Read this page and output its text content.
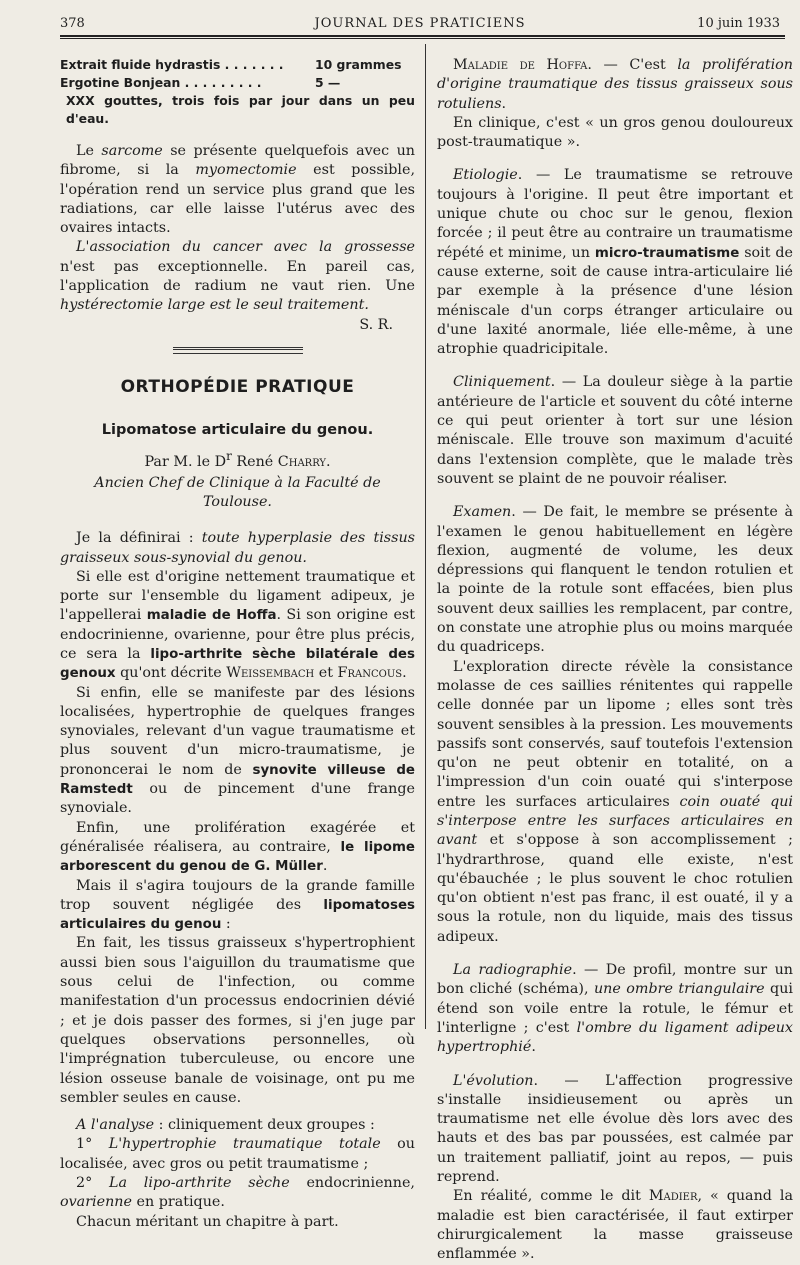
378	JOURNAL DES PRATICIENS	10 juin 1933
Extrait fluide hydrastis . . . . . . .	10 grammes
Ergotine Bonjean . . . . . . . . .	5 —
XXX gouttes, trois fois par jour dans un peu d'eau.

Le sarcome se présente quelquefois avec un fibrome, si la myomectomie est possible, l'opération rend un service plus grand que les radiations, car elle laisse l'utérus avec des ovaires intacts.

L'association du cancer avec la grossesse n'est pas exceptionnelle. En pareil cas, l'application de radium ne vaut rien. Une hystérectomie large est le seul traitement.

S. R.
ORTHOPÉDIE PRATIQUE
Lipomatose articulaire du genou.
Par M. le $D^r$ René Charry.
Ancien Chef de Clinique à la Faculté de Toulouse.

Je la définirai : toute hyperplasie des tissus graisseux sous-synovial du genou.

Si elle est d'origine nettement traumatique et porte sur l'ensemble du ligament adipeux, je l'appellerai maladie de Hoffa. Si son origine est endocrinienne, ovarienne, pour être plus précis, ce sera la lipo-arthrite sèche bilatérale des genoux qu'ont décrite Weissembach et Francous.

Si enfin, elle se manifeste par des lésions localisées, hypertrophie de quelques franges synoviales, relevant d'un vague traumatisme et plus souvent d'un micro-traumatisme, je prononcerai le nom de synovite villeuse de Ramstedt ou de pincement d'une frange synoviale.

Enfin, une prolifération exagérée et généralisée réalisera, au contraire, le lipome arborescent du genou de G. Müller.

Mais il s'agira toujours de la grande famille trop souvent négligée des lipomatoses articulaires du genou :

En fait, les tissus graisseux s'hypertrophient aussi bien sous l'aiguillon du traumatisme que sous celui de l'infection, ou comme manifestation d'un processus endocrinien dévié ; et je dois passer des formes, si j'en juge par quelques observations personnelles, où l'imprégnation tuberculeuse, ou encore une lésion osseuse banale de voisinage, ont pu me sembler seules en cause.

A l'analyse : cliniquement deux groupes :

1° L'hypertrophie traumatique totale ou localisée, avec gros ou petit traumatisme ;

2° La lipo-arthrite sèche endocrinienne, ovarienne en pratique.

Chacun méritant un chapitre à part.

Maladie de Hoffa. — C'est la prolifération d'origine traumatique des tissus graisseux sous rotuliens.

En clinique, c'est « un gros genou douloureux post-traumatique ».

Etiologie. — Le traumatisme se retrouve toujours à l'origine. Il peut être important et unique chute ou choc sur le genou, flexion forcée ; il peut être au contraire un traumatisme répété et minime, un micro-traumatisme soit de cause externe, soit de cause intra-articulaire lié par exemple à la présence d'une lésion méniscale d'un corps étranger articulaire ou d'une laxité anormale, liée elle-même, à une atrophie quadricipitale.

Cliniquement. — La douleur siège à la partie antérieure de l'article et souvent du côté interne ce qui peut orienter à tort sur une lésion méniscale. Elle trouve son maximum d'acuité dans l'extension complète, que le malade très souvent se plaint de ne pouvoir réaliser.

Examen. — De fait, le membre se présente à l'examen le genou habituellement en légère flexion, augmenté de volume, les deux dépressions qui flanquent le tendon rotulien et la pointe de la rotule sont effacées, bien plus souvent deux saillies les remplacent, par contre, on constate une atrophie plus ou moins marquée du quadriceps.

L'exploration directe révèle la consistance molasse de ces saillies rénitentes qui rappelle celle donnée par un lipome ; elles sont très souvent sensibles à la pression. Les mouvements passifs sont conservés, sauf toutefois l'extension qu'on ne peut obtenir en totalité, on a l'impression d'un coin ouaté qui s'interpose entre les surfaces articulaires coin ouaté qui s'interpose entre les surfaces articulaires en avant et s'oppose à son accomplissement ; l'hydrarthrose, quand elle existe, n'est qu'ébauchée ; le plus souvent le choc rotulien qu'on obtient n'est pas franc, il est ouaté, il y a sous la rotule, non du liquide, mais des tissus adipeux.

La radiographie. — De profil, montre sur un bon cliché (schéma), une ombre triangulaire qui étend son voile entre la rotule, le fémur et l'interligne ; c'est l'ombre du ligament adipeux hypertrophié.

L'évolution. — L'affection progressive s'installe insidieusement ou après un traumatisme net elle évolue dès lors avec des hauts et des bas par poussées, est calmée par un traitement palliatif, joint au repos, — puis reprend.

En réalité, comme le dit Madier, « quand la maladie est bien caractérisée, il faut extirper chirurgicalement la masse graisseuse enflammée ».
